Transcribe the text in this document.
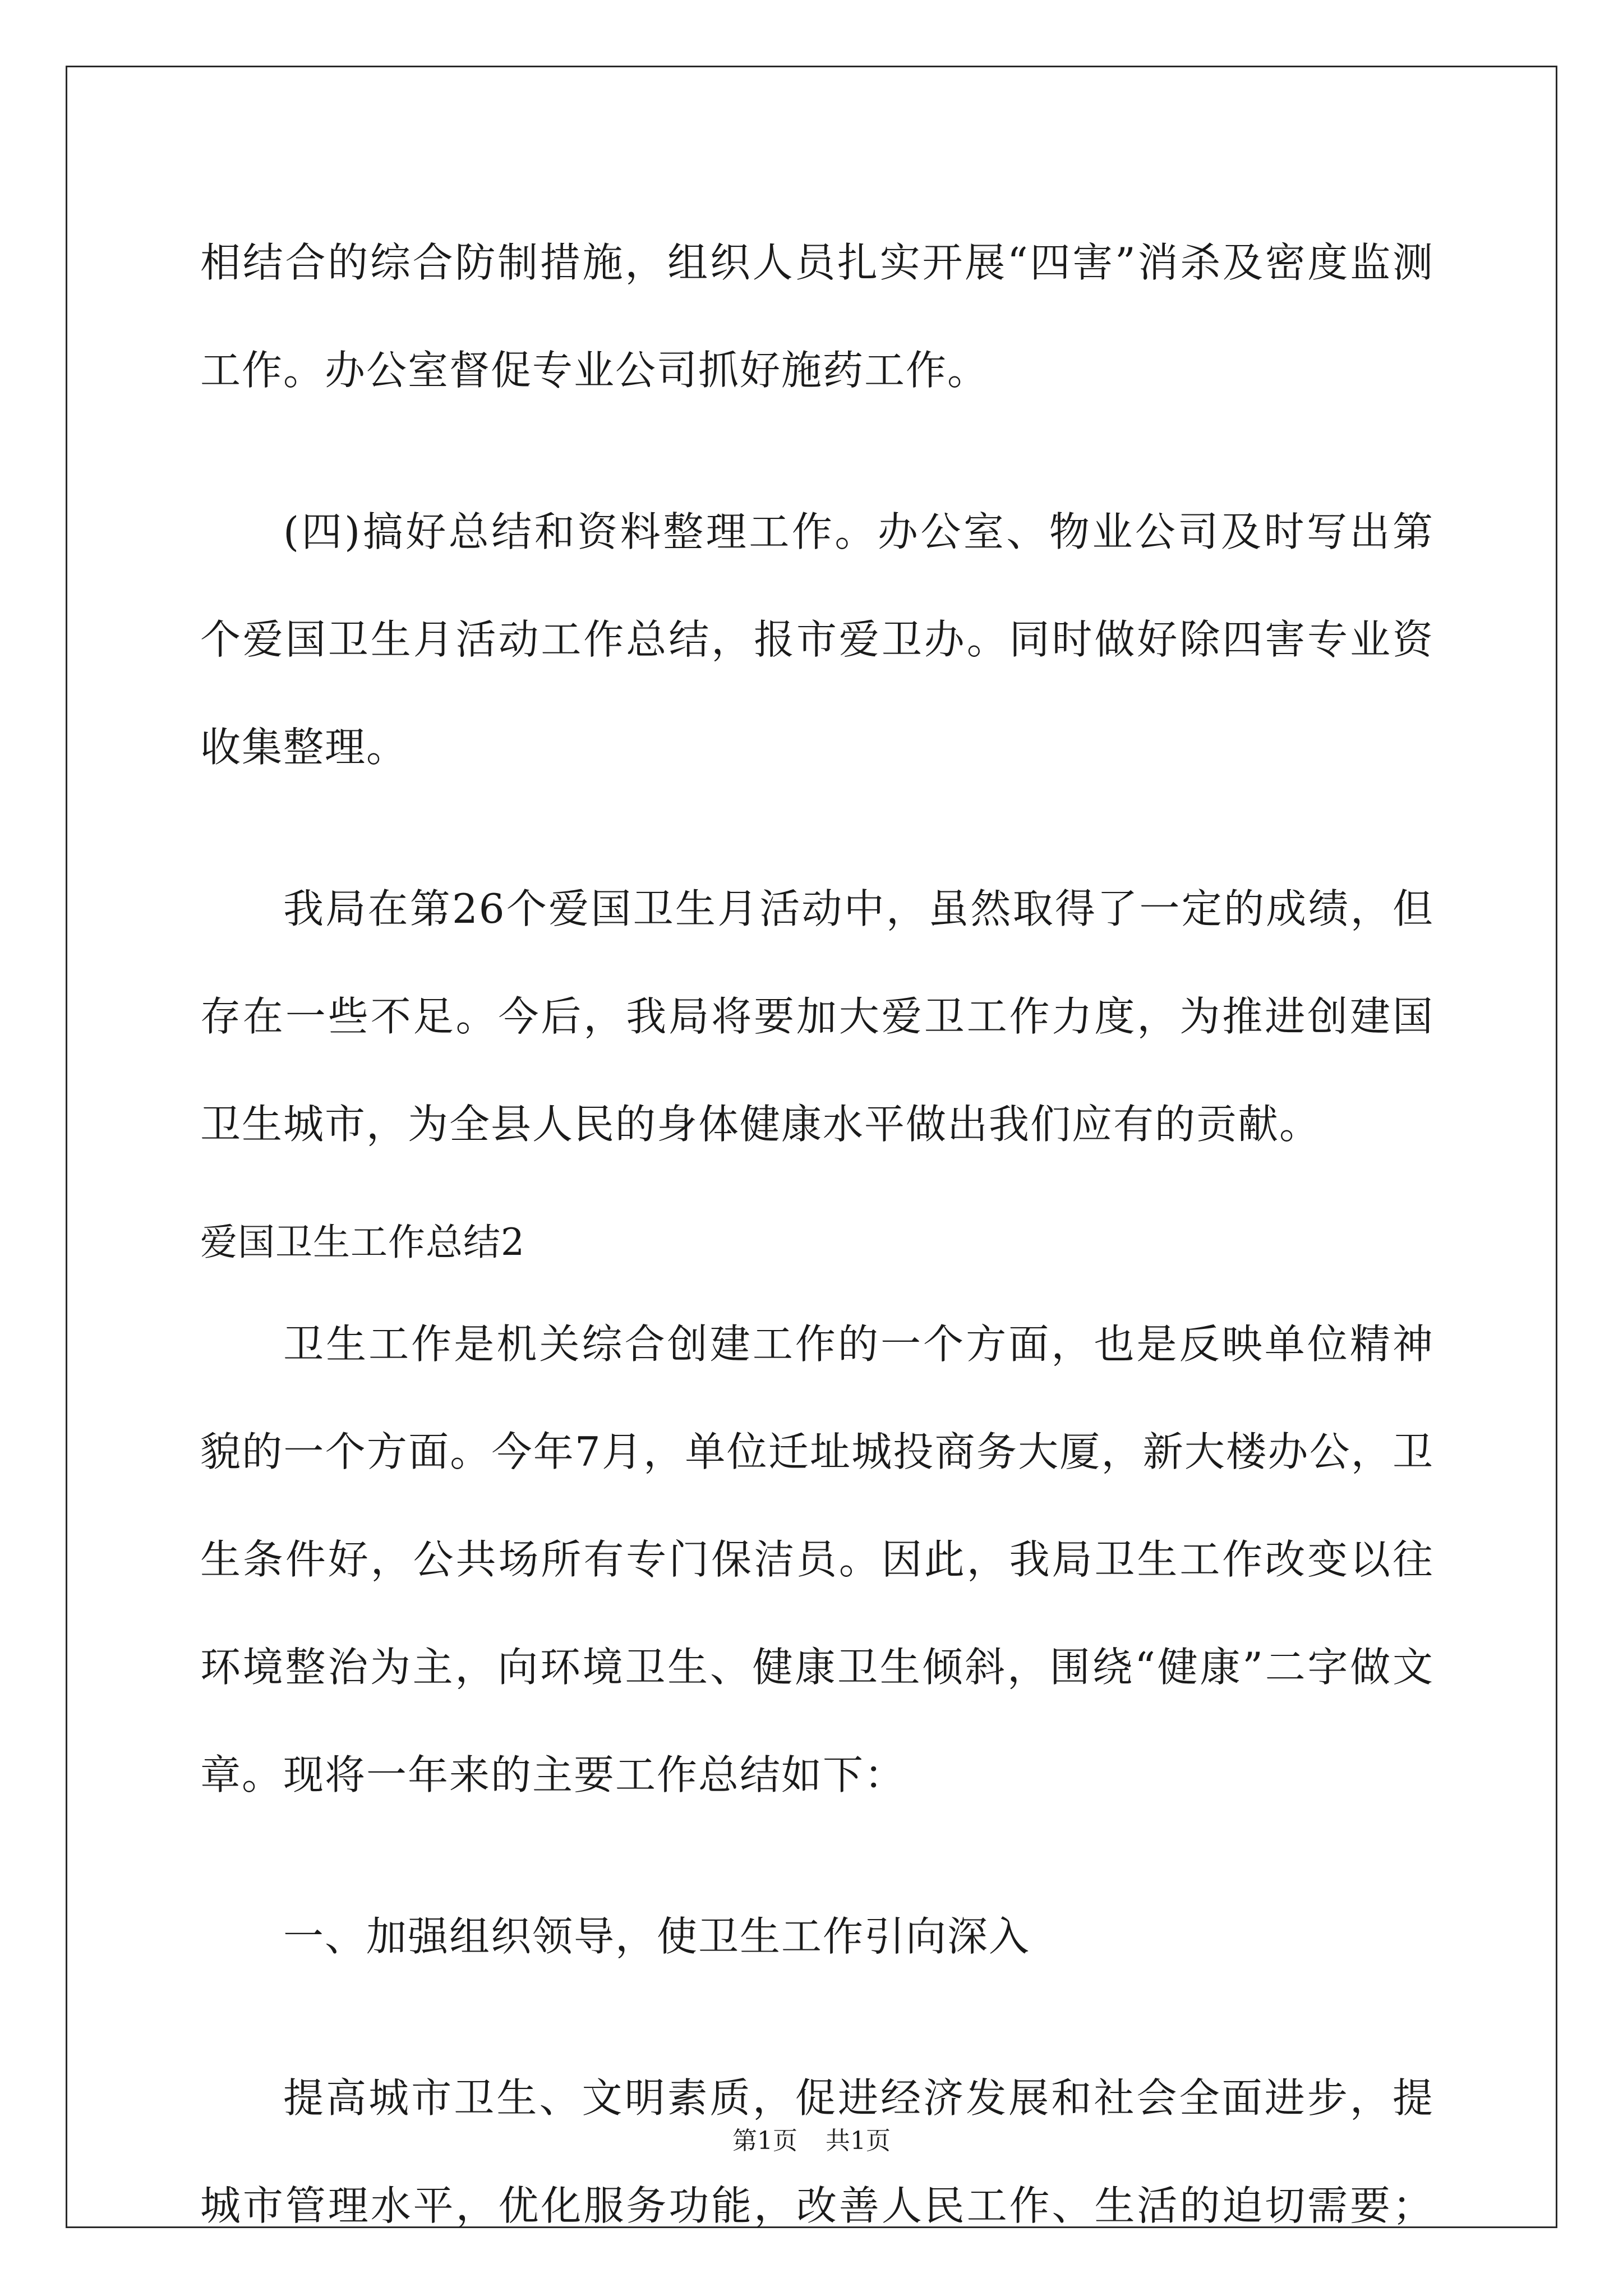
相结合的综合防制措施，组织人员扎实开展“四害”消杀及密度监测
工作。办公室督促专业公司抓好施药工作。
(四)搞好总结和资料整理工作。办公室、物业公司及时写出第
个爱国卫生月活动工作总结，报市爱卫办。同时做好除四害专业资
收集整理。
我局在第26个爱国卫生月活动中，虽然取得了一定的成绩，但
存在一些不足。今后，我局将要加大爱卫工作力度，为推进创建国
卫生城市，为全县人民的身体健康水平做出我们应有的贡献。
爱国卫生工作总结2
卫生工作是机关综合创建工作的一个方面，也是反映单位精神
貌的一个方面。今年7月，单位迁址城投商务大厦，新大楼办公，卫
生条件好，公共场所有专门保洁员。因此，我局卫生工作改变以往
环境整治为主，向环境卫生、健康卫生倾斜，围绕“健康”二字做文
章。现将一年来的主要工作总结如下：
一、加强组织领导，使卫生工作引向深入
提高城市卫生、文明素质，促进经济发展和社会全面进步，提
城市管理水平，优化服务功能，改善人民工作、生活的迫切需要；
第1页 共1页
